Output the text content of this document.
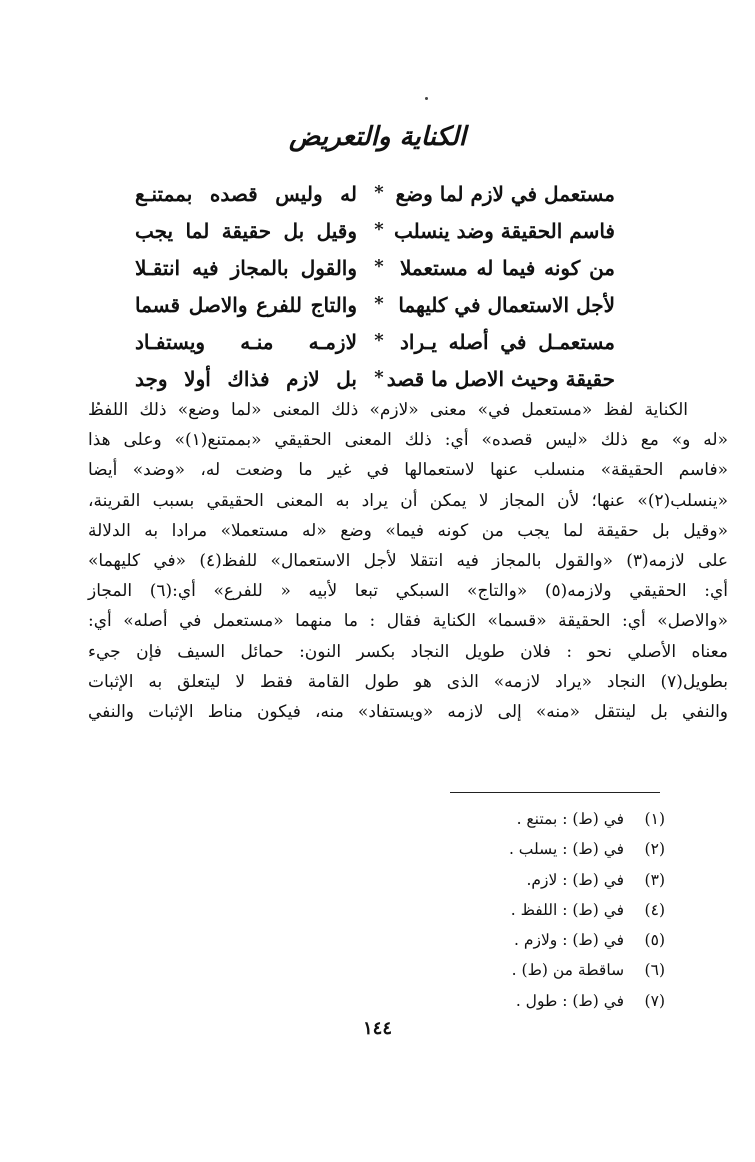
الكناية والتعريض
مستعمل في لازم لما وضع
*
له وليس قصده بممتنـع
فاسم الحقيقة وضد ينسلب
*
وقيل بل حقيقة لما يجب
من كونه فيما له مستعملا
*
والقول بالمجاز فيه انتقـلا
لأجل الاستعمال في كليهما
*
والتاج للفرع والاصل قسما
مستعمـل في أصله يـراد
*
لازمـه منـه ويستفـاد
حقيقة وحيث الاصل ما قصد
*
بل لازم فذاك أولا وجد
الكناية لفظ «مستعمل في» معنى «لازم» ذلك المعنى «لما وضع» ذلك اللفظ
«له و» مع ذلك «ليس قصده» أي: ذلك المعنى الحقيقي «بممتنع(١)» وعلى هذا
«فاسم الحقيقة» منسلب عنها لاستعمالها في غير ما وضعت له، «وضد» أيضا
«ينسلب(٢)» عنها؛ لأن المجاز لا يمكن أن يراد به المعنى الحقيقي بسبب القرينة،
«وقيل بل حقيقة لما يجب من كونه فيما» وضع «له مستعملا» مرادا به الدلالة
على لازمه(٣) «والقول بالمجاز فيه انتقلا لأجل الاستعمال» للفظ(٤) «في كليهما»
أي: الحقيقي ولازمه(٥) «والتاج» السبكي تبعا لأبيه « للفرع» أي:(٦) المجاز
«والاصل» أي: الحقيقة «قسما» الكناية فقال : ما منهما «مستعمل في أصله» أي:
معناه الأصلي نحو : فلان طويل النجاد بكسر النون: حمائل السيف فإن جيء
بطويل(٧) النجاد «يراد لازمه» الذى هو طول القامة فقط لا ليتعلق به الإثبات
والنفي بل لينتقل «منه» إلى لازمه «ويستفاد» منه، فيكون مناط الإثبات والنفي
(١) في (ط) : بمتنع .
(٢) في (ط) : يسلب .
(٣) في (ط) : لازم.
(٤) في (ط) : اللفظ .
(٥) في (ط) : ولازم .
(٦) ساقطة من (ط) .
(٧) في (ط) : طول .
١٤٤
